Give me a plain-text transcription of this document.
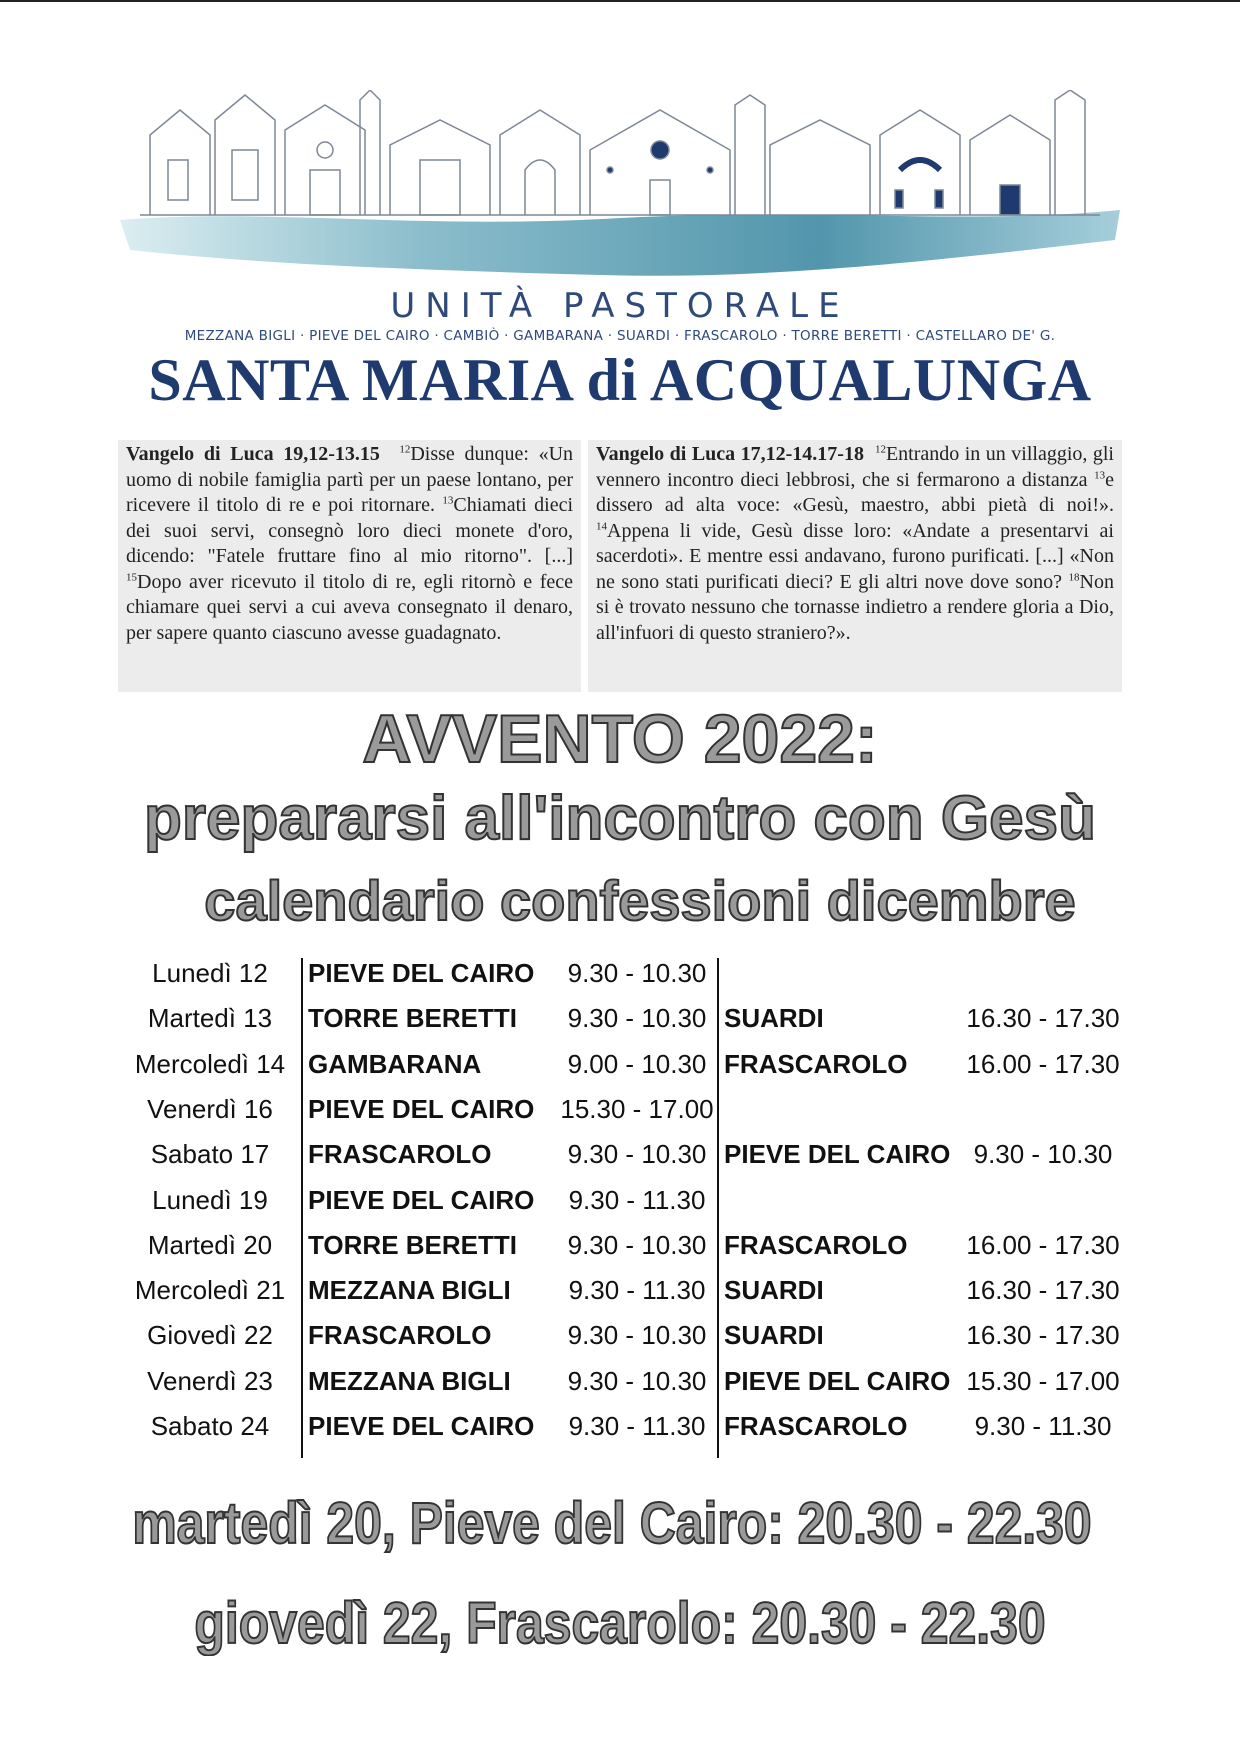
UNITÀ PASTORALE
MEZZANA BIGLI · PIEVE DEL CAIRO · CAMBIÒ · GAMBARANA · SUARDI · FRASCAROLO · TORRE BERETTI · CASTELLARO DE' G.
SANTA MARIA di ACQUALUNGA
Vangelo di Luca 19,12-13.15 $^{12}$Disse dunque: «Un uomo di nobile famiglia partì per un paese lontano, per ricevere il titolo di re e poi ritornare. $^{13}$Chiamati dieci dei suoi servi, consegnò loro dieci monete d'oro, dicendo: "Fatele fruttare fino al mio ritorno". [...] $^{15}$Dopo aver ricevuto il titolo di re, egli ritornò e fece chiamare quei servi a cui aveva consegnato il denaro, per sapere quanto ciascuno avesse guadagnato.
Vangelo di Luca 17,12-14.17-18 $^{12}$Entrando in un villaggio, gli vennero incontro dieci lebbrosi, che si fermarono a distanza $^{13}$e dissero ad alta voce: «Gesù, maestro, abbi pietà di noi!». $^{14}$Appena li vide, Gesù disse loro: «Andate a presentarvi ai sacerdoti». E mentre essi andavano, furono purificati. [...] «Non ne sono stati purificati dieci? E gli altri nove dove sono? $^{18}$Non si è trovato nessuno che tornasse indietro a rendere gloria a Dio, all'infuori di questo straniero?».
AVVENTO 2022:
prepararsi all'incontro con Gesù
calendario confessioni dicembre
Lunedì 12	PIEVE DEL CAIRO	9.30 - 10.30
Martedì 13	TORRE BERETTI	9.30 - 10.30 SUARDI	16.30 - 17.30
Mercoledì 14 GAMBARANA	9.00 - 10.30 FRASCAROLO	16.00 - 17.30
Venerdì 16	PIEVE DEL CAIRO	15.30 - 17.00
Sabato 17	FRASCAROLO	9.30 - 10.30 PIEVE DEL CAIRO 9.30 - 10.30
Lunedì 19	PIEVE DEL CAIRO	9.30 - 11.30
Martedì 20	TORRE BERETTI	9.30 - 10.30 FRASCAROLO	16.00 - 17.30
Mercoledì 21 MEZZANA BIGLI	9.30 - 11.30 SUARDI	16.30 - 17.30
Giovedì 22	FRASCAROLO	9.30 - 10.30 SUARDI	16.30 - 17.30
Venerdì 23	MEZZANA BIGLI	9.30 - 10.30 PIEVE DEL CAIRO 15.30 - 17.00
Sabato 24	PIEVE DEL CAIRO	9.30 - 11.30 FRASCAROLO	9.30 - 11.30
martedì 20, Pieve del Cairo: 20.30 - 22.30
giovedì 22, Frascarolo: 20.30 - 22.30
